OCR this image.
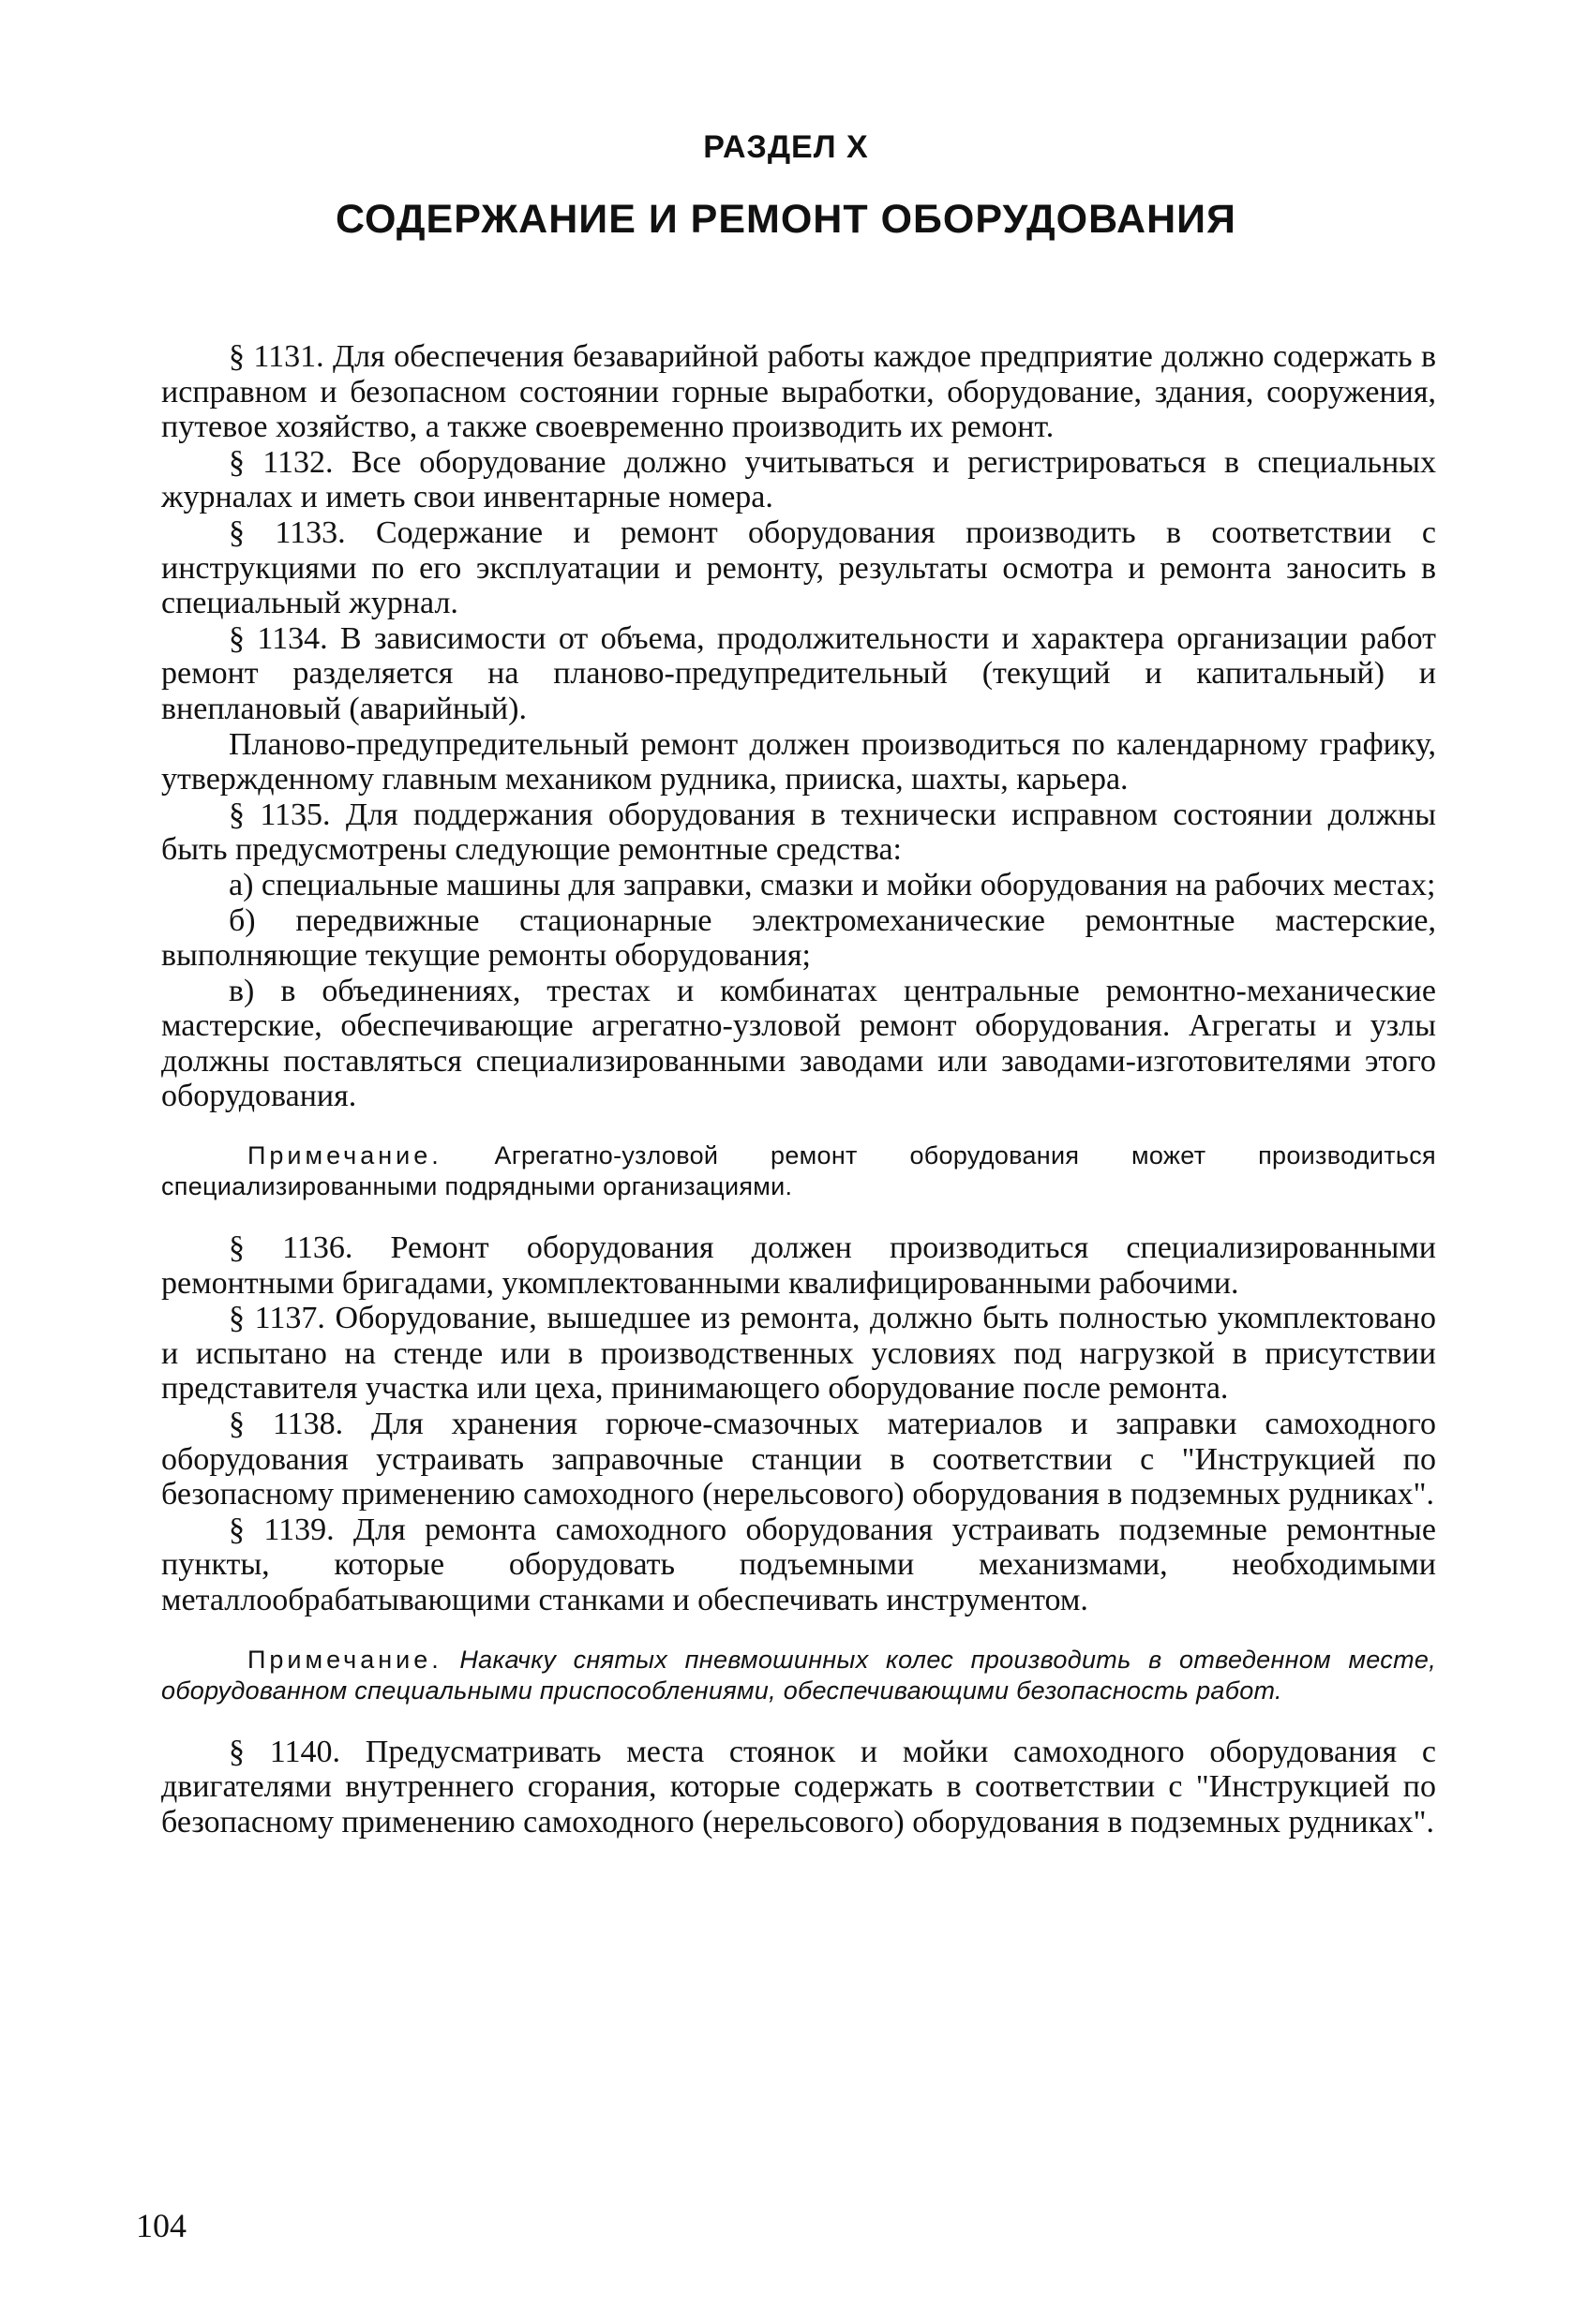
РАЗДЕЛ X
СОДЕРЖАНИЕ И РЕМОНТ ОБОРУДОВАНИЯ

§ 1131. Для обеспечения безаварийной работы каждое предприятие должно содержать в исправном и безопасном состоянии горные выработки, оборудование, здания, сооружения, путевое хозяйство, а также своевременно производить их ремонт.

§ 1132. Все оборудование должно учитываться и регистрироваться в специальных журналах и иметь свои инвентарные номера.

§ 1133. Содержание и ремонт оборудования производить в соответствии с инструкциями по его эксплуатации и ремонту, результаты осмотра и ремонта заносить в специальный журнал.

§ 1134. В зависимости от объема, продолжительности и характера организации работ ремонт разделяется на планово-предупредительный (текущий и капитальный) и внеплановый (аварийный).

Планово-предупредительный ремонт должен производиться по календарному графику, утвержденному главным механиком рудника, прииска, шахты, карьера.

§ 1135. Для поддержания оборудования в технически исправном состоянии должны быть предусмотрены следующие ремонтные средства:

а) специальные машины для заправки, смазки и мойки оборудования на рабочих местах;

б) передвижные стационарные электромеханические ремонтные мастерские, выполняющие текущие ремонты оборудования;

в) в объединениях, трестах и комбинатах центральные ремонтно-механические мастерские, обеспечивающие агрегатно-узловой ремонт оборудования. Агрегаты и узлы должны поставляться специализированными заводами или заводами-изготовителями этого оборудования.

Примечание. Агрегатно-узловой ремонт оборудования может производиться специализированными подрядными организациями.

§ 1136. Ремонт оборудования должен производиться специализированными ремонтными бригадами, укомплектованными квалифицированными рабочими.

§ 1137. Оборудование, вышедшее из ремонта, должно быть полностью укомплектовано и испытано на стенде или в производственных условиях под нагрузкой в присутствии представителя участка или цеха, принимающего оборудование после ремонта.

§ 1138. Для хранения горюче-смазочных материалов и заправки самоходного оборудования устраивать заправочные станции в соответствии с "Инструкцией по безопасному применению самоходного (нерельсового) оборудования в подземных рудниках".

§ 1139. Для ремонта самоходного оборудования устраивать подземные ремонтные пункты, которые оборудовать подъемными механизмами, необходимыми металлообрабатывающими станками и обеспечивать инструментом.

Примечание. Накачку снятых пневмошинных колес производить в отведенном месте, оборудованном специальными приспособлениями, обеспечивающими безопасность работ.

§ 1140. Предусматривать места стоянок и мойки самоходного оборудования с двигателями внутреннего сгорания, которые содержать в соответствии с "Инструкцией по безопасному применению самоходного (нерельсового) оборудования в подземных рудниках".

104
